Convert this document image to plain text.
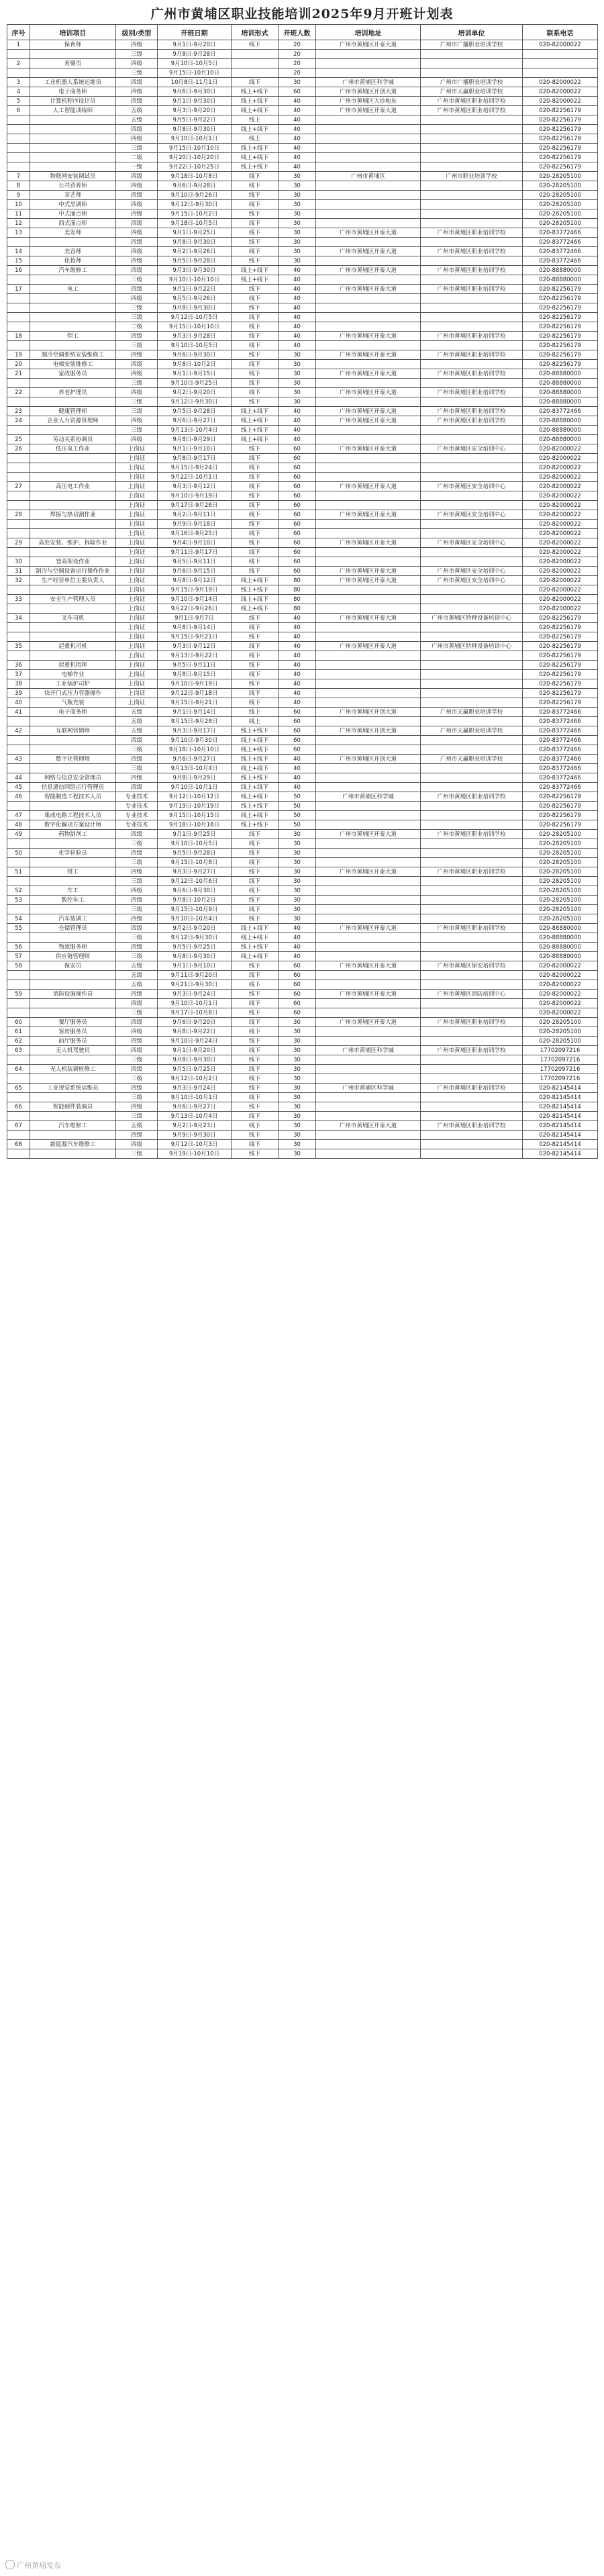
广州市黄埔区职业技能培训2025年9月开班计划表
序号	培训项目	级别/类型	开班日期	培训形式	开班人数	培训地址	培训单位	联系电话
1	保育师	四级	9月1日-9月20日	线下	20	广州市黄埔区开泰大道	广州市广播职业培训学校	020-82000022
		三级	9月8日-9月28日		20			
2	育婴员	四级	9月10日-10月5日		20			
		三级	9月15日-10月10日		20			
3	工业机器人系统运维员	四级	10月8日-11月1日	线下	30	广州市黄埔区科学城	广州市广播职业培训学校	020-82000022
4	电子商务师	四级	9月6日-9月30日	线上+线下	60	广州市黄埔区开创大道	广州市天赢职业培训学校	020-82000022
5	计算机程序设计员	四级	9月1日-9月30日	线上+线下	40	广州市黄埔区大沙地东	广州市黄埔区职业培训学校	020-82000022
6	人工智能训练师	五级	9月3日-9月20日	线上+线下	40	广州市黄埔区开泰大道	广州市黄埔区职业培训学校	020-82256179
		五级	9月5日-9月22日	线上	40			020-82256179
		四级	9月8日-9月30日	线上+线下	40			020-82256179
		四级	9月10日-10月1日	线上	40			020-82256179
		三级	9月15日-10月10日	线上+线下	40			020-82256179
		二级	9月20日-10月20日	线上+线下	40			020-82256179
		一级	9月22日-10月25日	线上+线下	40			020-82256179
7	物联网安装调试员	四级	9月18日-10月8日	线下	30	广州市黄埔区	广州市职业培训学校	020-28205100
8	公共营养师	四级	9月6日-9月28日	线下	30			020-28205100
9	茶艺师	四级	9月10日-9月26日	线下	30			020-28205100
10	中式烹调师	四级	9月12日-9月30日	线下	30			020-28205100
11	中式面点师	四级	9月15日-10月2日	线下	30			020-28205100
12	西式面点师	四级	9月18日-10月5日	线下	30			020-28205100
13	美发师	四级	9月1日-9月25日	线下	30	广州市黄埔区开泰大道	广州市黄埔区职业培训学校	020-83772466
		四级	9月8日-9月30日	线下	30			020-83772466
14	美容师	四级	9月2日-9月26日	线下	30	广州市黄埔区开泰大道	广州市黄埔区职业培训学校	020-83772466
15	化妆师	四级	9月5日-9月28日	线下	30			020-83772466
16	汽车维修工	四级	9月3日-9月30日	线上+线下	40	广州市黄埔区开泰大道	广州市黄埔区职业培训学校	020-88880000
		三级	9月10日-10月10日	线上+线下	40			020-88880000
17	电工	四级	9月1日-9月22日	线下	40	广州市黄埔区开泰大道	广州市黄埔区职业培训学校	020-82256179
		四级	9月5日-9月26日	线下	40			020-82256179
		三级	9月8日-9月30日	线下	40			020-82256179
		三级	9月12日-10月5日	线下	40			020-82256179
		二级	9月15日-10月10日	线下	40			020-82256179
18	焊工	四级	9月3日-9月28日	线下	40	广州市黄埔区开泰大道	广州市黄埔区职业培训学校	020-82256179
		三级	9月10日-10月5日	线下	40			020-82256179
19	制冷空调系统安装维修工	四级	9月6日-9月30日	线下	30	广州市黄埔区开泰大道	广州市黄埔区职业培训学校	020-82256179
20	电梯安装维修工	四级	9月8日-10月2日	线下	30			020-82256179
21	家政服务员	四级	9月1日-9月15日	线下	30	广州市黄埔区开泰大道	广州市黄埔区职业培训学校	020-88880000
		三级	9月10日-9月25日	线下	30			020-88880000
22	养老护理员	四级	9月2日-9月20日	线下	30	广州市黄埔区开泰大道	广州市黄埔区职业培训学校	020-88880000
		三级	9月12日-9月30日	线下	30			020-88880000
23	健康管理师	三级	9月5日-9月28日	线上+线下	40	广州市黄埔区开泰大道	广州市黄埔区职业培训学校	020-83772466
24	企业人力资源管理师	四级	9月6日-9月27日	线上+线下	40	广州市黄埔区开泰大道	广州市黄埔区职业培训学校	020-88880000
		三级	9月13日-10月4日	线上+线下	40			020-88880000
25	劳动关系协调员	四级	9月8日-9月29日	线上+线下	40			020-88880000
26	低压电工作业	上岗证	9月1日-9月10日	线下	60	广州市黄埔区开泰大道	广州市黄埔区安全培训中心	020-82000022
		上岗证	9月8日-9月17日	线下	60			020-82000022
		上岗证	9月15日-9月24日	线下	60			020-82000022
		上岗证	9月22日-10月1日	线下	60			020-82000022
27	高压电工作业	上岗证	9月3日-9月12日	线下	60	广州市黄埔区开泰大道	广州市黄埔区安全培训中心	020-82000022
		上岗证	9月10日-9月19日	线下	60			020-82000022
		上岗证	9月17日-9月26日	线下	60			020-82000022
28	焊接与热切割作业	上岗证	9月2日-9月11日	线下	60	广州市黄埔区开泰大道	广州市黄埔区安全培训中心	020-82000022
		上岗证	9月9日-9月18日	线下	60			020-82000022
		上岗证	9月16日-9月25日	线下	60			020-82000022
29	高处安装、维护、拆除作业	上岗证	9月4日-9月10日	线下	60	广州市黄埔区开泰大道	广州市黄埔区安全培训中心	020-82000022
		上岗证	9月11日-9月17日	线下	60			020-82000022
30	登高架设作业	上岗证	9月5日-9月11日	线下	60			020-82000022
31	制冷与空调设备运行操作作业	上岗证	9月6日-9月15日	线下	60	广州市黄埔区开泰大道	广州市黄埔区安全培训中心	020-82000022
32	生产经营单位主要负责人	上岗证	9月8日-9月12日	线上+线下	80	广州市黄埔区开泰大道	广州市黄埔区安全培训中心	020-82000022
		上岗证	9月15日-9月19日	线上+线下	80			020-82000022
33	安全生产管理人员	上岗证	9月10日-9月14日	线上+线下	80			020-82000022
		上岗证	9月22日-9月26日	线上+线下	80			020-82000022
34	叉车司机	上岗证	9月1日-9月7日	线下	40	广州市黄埔区开泰大道	广州市黄埔区特种设备培训中心	020-82256179
		上岗证	9月8日-9月14日	线下	40			020-82256179
		上岗证	9月15日-9月21日	线下	40			020-82256179
35	起重机司机	上岗证	9月3日-9月12日	线下	40	广州市黄埔区开泰大道	广州市黄埔区特种设备培训中心	020-82256179
		上岗证	9月13日-9月22日	线下	40			020-82256179
36	起重机指挥	上岗证	9月5日-9月11日	线下	40			020-82256179
37	电梯作业	上岗证	9月8日-9月15日	线下	40			020-82256179
38	工业锅炉司炉	上岗证	9月10日-9月19日	线下	40			020-82256179
39	快开门式压力容器操作	上岗证	9月12日-9月18日	线下	40			020-82256179
40	气瓶充装	上岗证	9月15日-9月21日	线下	40			020-82256179
41	电子商务师	五级	9月1日-9月14日	线上	60	广州市黄埔区开创大道	广州市天赢职业培训学校	020-83772466
		五级	9月15日-9月28日	线上	60			020-83772466
42	互联网营销师	五级	9月3日-9月17日	线上+线下	60	广州市黄埔区开创大道	广州市天赢职业培训学校	020-83772466
		四级	9月10日-9月30日	线上+线下	60			020-83772466
		三级	9月18日-10月10日	线上+线下	60			020-83772466
43	数字化管理师	四级	9月6日-9月27日	线上+线下	40	广州市黄埔区开创大道	广州市天赢职业培训学校	020-83772466
		三级	9月13日-10月4日	线上+线下	40			020-83772466
44	网络与信息安全管理员	四级	9月8日-9月29日	线上+线下	40			020-83772466
45	信息通信网络运行管理员	四级	9月10日-10月1日	线上+线下	40			020-83772466
46	智能制造工程技术人员	专业技术	9月12日-10月12日	线上+线下	50	广州市黄埔区科学城	广州市黄埔区职业培训学校	020-82256179
		专业技术	9月19日-10月19日	线上+线下	50			020-82256179
47	集成电路工程技术人员	专业技术	9月15日-10月15日	线上+线下	50			020-82256179
48	数字化解决方案设计师	专业技术	9月18日-10月18日	线上+线下	50			020-82256179
49	药物制剂工	四级	9月1日-9月25日	线下	30	广州市黄埔区开泰大道	广州市黄埔区职业培训学校	020-28205100
		三级	9月10日-10月5日	线下	30			020-28205100
50	化学检验员	四级	9月5日-9月28日	线下	30			020-28205100
		三级	9月15日-10月8日	线下	30			020-28205100
51	钳工	四级	9月3日-9月27日	线下	30	广州市黄埔区开泰大道	广州市黄埔区职业培训学校	020-28205100
		三级	9月12日-10月6日	线下	30			020-28205100
52	车工	四级	9月6日-9月30日	线下	30			020-28205100
53	数控车工	四级	9月8日-10月2日	线下	30			020-28205100
		三级	9月15日-10月9日	线下	30			020-28205100
54	汽车装调工	四级	9月10日-10月4日	线下	30			020-28205100
55	仓储管理员	四级	9月2日-9月20日	线上+线下	40	广州市黄埔区开泰大道	广州市黄埔区职业培训学校	020-88880000
		三级	9月12日-9月30日	线上+线下	40			020-88880000
56	物流服务师	四级	9月5日-9月25日	线上+线下	40			020-88880000
57	供应链管理师	三级	9月8日-9月30日	线上+线下	40			020-88880000
58	保安员	五级	9月1日-9月10日	线下	60	广州市黄埔区开泰大道	广州市黄埔区保安培训学校	020-82000022
		五级	9月11日-9月20日	线下	60			020-82000022
		五级	9月21日-9月30日	线下	60			020-82000022
59	消防设施操作员	四级	9月3日-9月24日	线下	60	广州市黄埔区开泰大道	广州市黄埔区消防培训中心	020-82000022
		四级	9月10日-10月1日	线下	60			020-82000022
		三级	9月17日-10月8日	线下	60			020-82000022
60	餐厅服务员	四级	9月6日-9月20日	线下	30	广州市黄埔区开泰大道	广州市黄埔区职业培训学校	020-28205100
61	客房服务员	四级	9月8日-9月22日	线下	30			020-28205100
62	前厅服务员	四级	9月10日-9月24日	线下	30			020-28205100
63	无人机驾驶员	四级	9月1日-9月20日	线下	30	广州市黄埔区科学城	广州市黄埔区职业培训学校	17702097216
		三级	9月8日-9月30日	线下	30			17702097216
64	无人机装调检修工	四级	9月5日-9月25日	线下	30			17702097216
		三级	9月12日-10月2日	线下	30			17702097216
65	工业视觉系统运维员	四级	9月3日-9月24日	线下	30	广州市黄埔区科学城	广州市黄埔区职业培训学校	020-82145414
		三级	9月10日-10月1日	线下	30			020-82145414
66	智能硬件装调员	四级	9月6日-9月27日	线下	30			020-82145414
		三级	9月13日-10月4日	线下	30			020-82145414
67	汽车维修工	五级	9月2日-9月23日	线下	30	广州市黄埔区开泰大道	广州市黄埔区职业培训学校	020-82145414
		四级	9月9日-9月30日	线下	30			020-82145414
68	新能源汽车维修工	四级	9月12日-10月3日	线下	30			020-82145414
		三级	9月19日-10月10日	线下	30			020-82145414
广州黄埔发布
